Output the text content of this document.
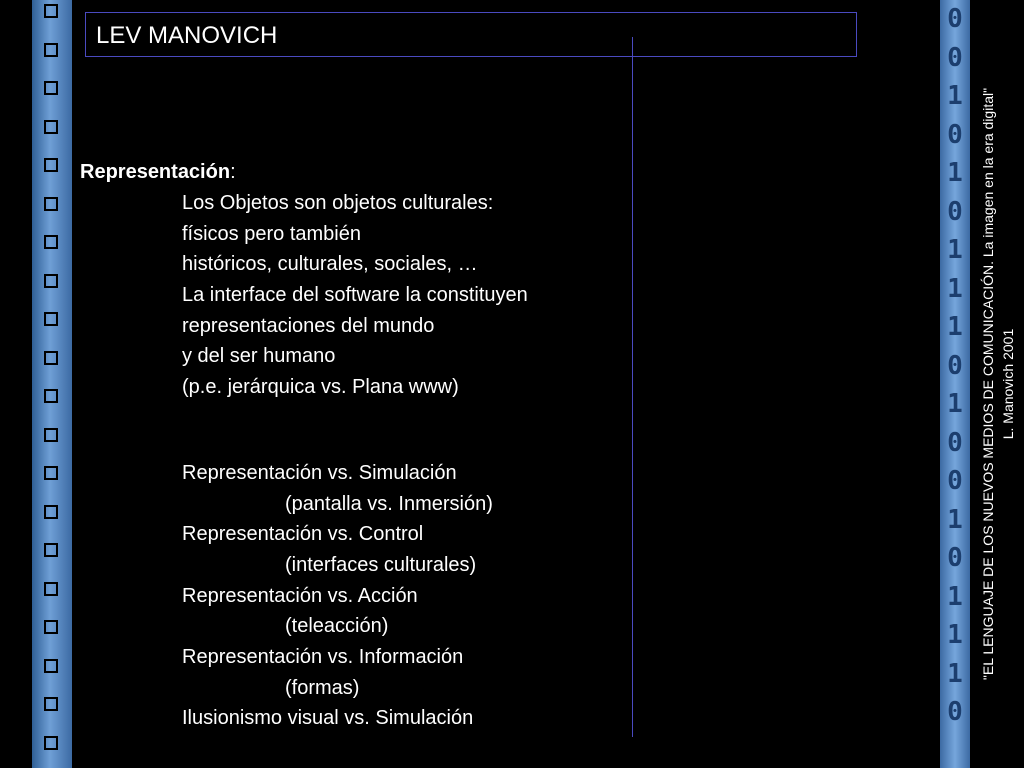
0
0
1
0
1
0
1
1
1
0
1
0
0
1
0
1
1
1
0
LEV MANOVICH
Representación:
Los Objetos son objetos culturales:
físicos pero también
históricos, culturales, sociales, …
La interface del software la constituyen
representaciones del mundo
y del ser humano
(p.e. jerárquica vs. Plana www)
Representación vs. Simulación
(pantalla vs. Inmersión)
Representación vs. Control
(interfaces culturales)
Representación vs. Acción
(teleacción)
Representación vs. Información
(formas)
Ilusionismo visual vs. Simulación
"EL LENGUAJE DE LOS NUEVOS MEDIOS DE COMUNICACIÓN. La imagen en la era digital" L. Manovich 2001
